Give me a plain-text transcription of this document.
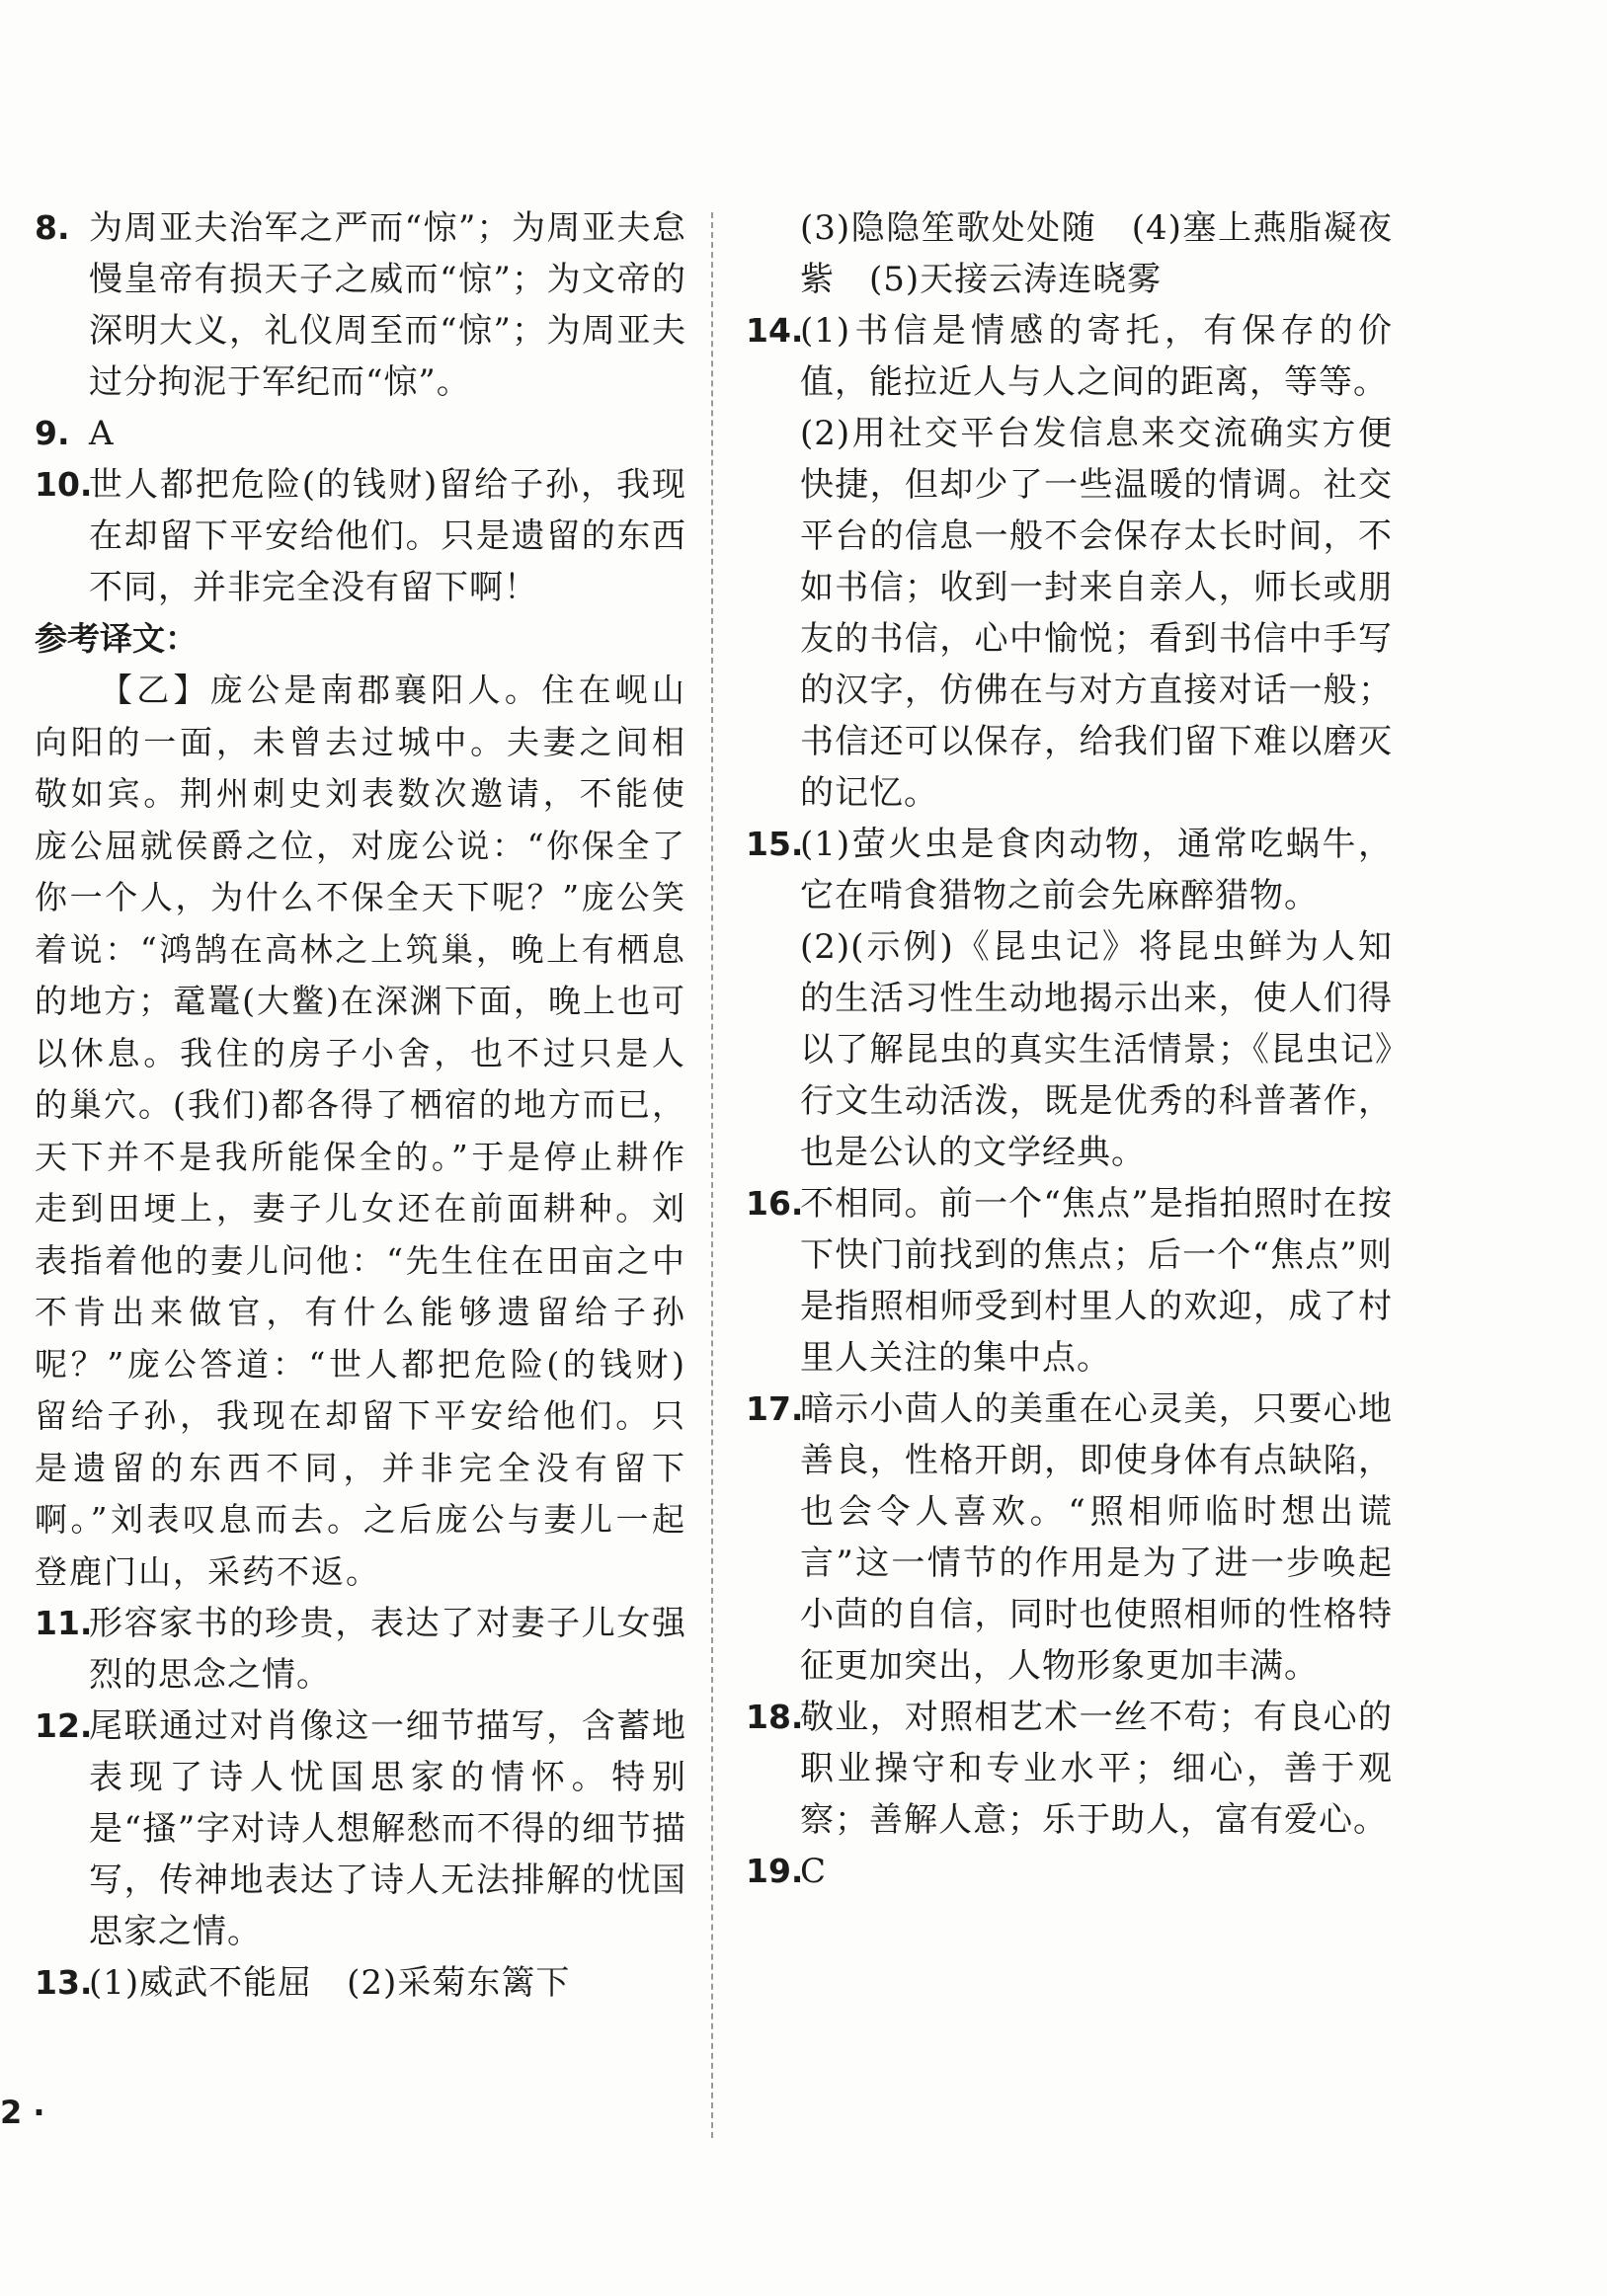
8. 为周亚夫治军之严而“惊”；为周亚夫怠慢皇帝有损天子之威而“惊”；为文帝的深明大义，礼仪周至而“惊”；为周亚夫过分拘泥于军纪而“惊”。
9. A
10.
世人都把危险(的钱财)留给子孙，我现在却留下平安给他们。只是遗留的东西不同，并非完全没有留下啊！

参考译文：

【乙】庞公是南郡襄阳人。住在岘山向阳的一面，未曾去过城中。夫妻之间相敬如宾。荆州刺史刘表数次邀请，不能使庞公屈就侯爵之位，对庞公说：“你保全了你一个人，为什么不保全天下呢？”庞公笑着说：“鸿鹄在高林之上筑巢，晚上有栖息的地方；鼋鼍(大鳖)在深渊下面，晚上也可以休息。我住的房子小舍，也不过只是人的巢穴。(我们)都各得了栖宿的地方而已，天下并不是我所能保全的。”于是停止耕作走到田埂上，妻子儿女还在前面耕种。刘表指着他的妻儿问他：“先生住在田亩之中不肯出来做官，有什么能够遗留给子孙呢？”庞公答道：“世人都把危险(的钱财)留给子孙，我现在却留下平安给他们。只是遗留的东西不同，并非完全没有留下啊。”刘表叹息而去。之后庞公与妻儿一起登鹿门山，采药不返。

11.
形容家书的珍贵，表达了对妻子儿女强烈的思念之情。
12.
尾联通过对肖像这一细节描写，含蓄地表现了诗人忧国思家的情怀。特别是“搔”字对诗人想解愁而不得的细节描写，传神地表达了诗人无法排解的忧国思家之情。
13.
(1)威武不能屈　(2)采菊东篱下
(3)隐隐笙歌处处随　(4)塞上燕脂凝夜紫　(5)天接云涛连晓雾
14.
(1)书信是情感的寄托，有保存的价值，能拉近人与人之间的距离，等等。
(2)用社交平台发信息来交流确实方便快捷，但却少了一些温暖的情调。社交平台的信息一般不会保存太长时间，不如书信；收到一封来自亲人，师长或朋友的书信，心中愉悦；看到书信中手写的汉字，仿佛在与对方直接对话一般；书信还可以保存，给我们留下难以磨灭的记忆。
15.
(1)萤火虫是食肉动物，通常吃蜗牛，它在啃食猎物之前会先麻醉猎物。
(2)(示例)《昆虫记》将昆虫鲜为人知的生活习性生动地揭示出来，使人们得以了解昆虫的真实生活情景；《昆虫记》行文生动活泼，既是优秀的科普著作，也是公认的文学经典。
16.
不相同。前一个“焦点”是指拍照时在按下快门前找到的焦点；后一个“焦点”则是指照相师受到村里人的欢迎，成了村里人关注的集中点。
17.
暗示小茴人的美重在心灵美，只要心地善良，性格开朗，即使身体有点缺陷，也会令人喜欢。“照相师临时想出谎言”这一情节的作用是为了进一步唤起小茴的自信，同时也使照相师的性格特征更加突出，人物形象更加丰满。
18.
敬业，对照相艺术一丝不苟；有良心的职业操守和专业水平；细心，善于观察；善解人意；乐于助人，富有爱心。
19.
C
2 ·
